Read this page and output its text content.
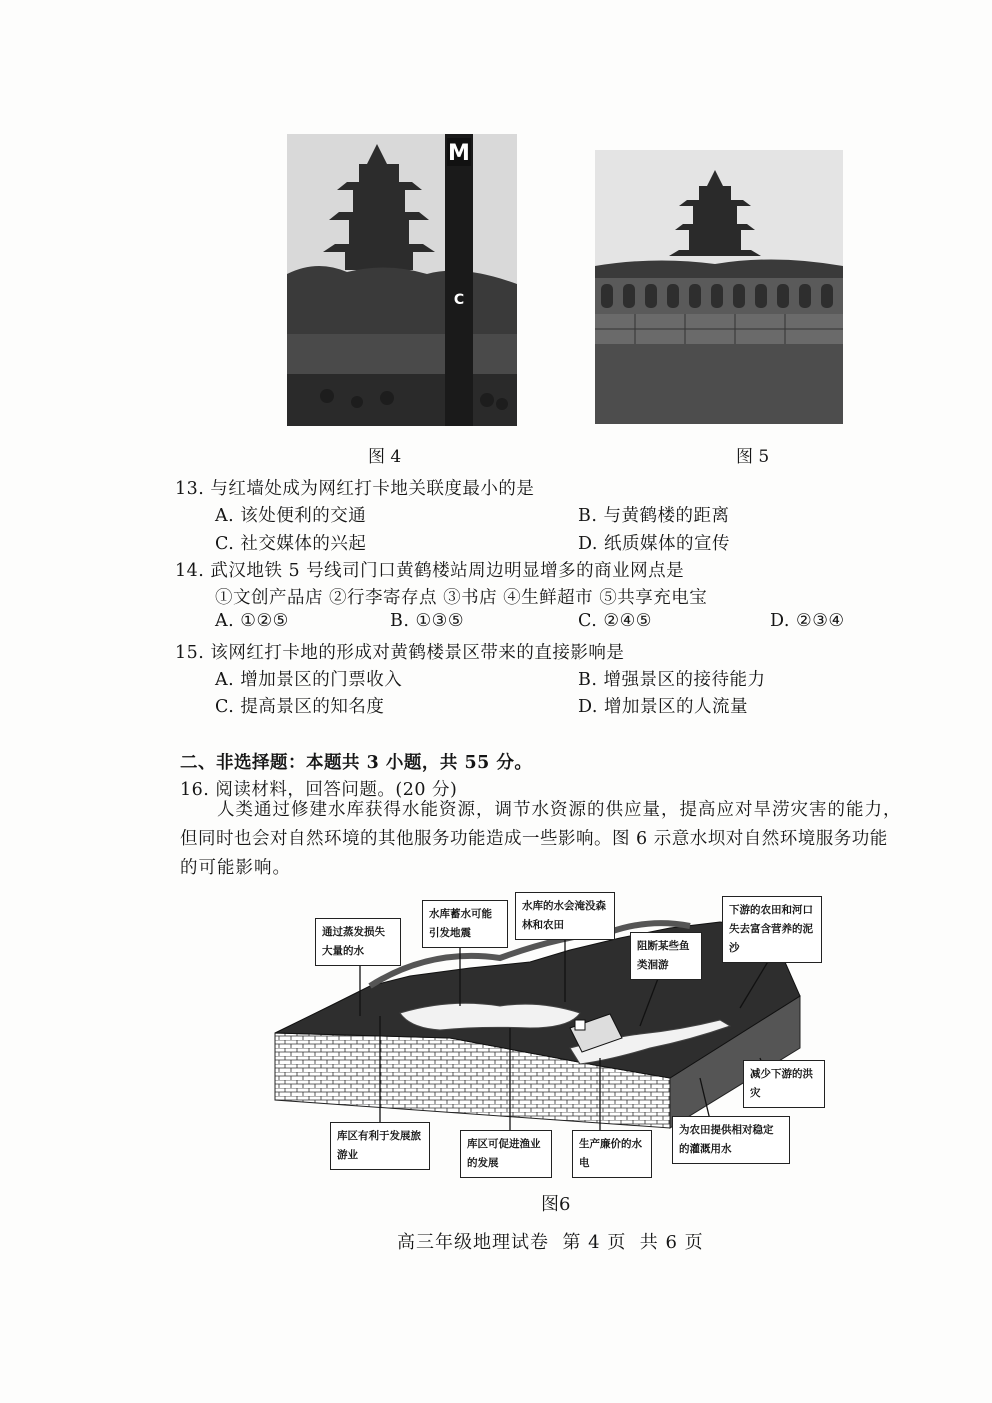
M
C
图 4	图 5
13. 与红墙处成为网红打卡地关联度最小的是
A. 该处便利的交通	B. 与黄鹤楼的距离
C. 社交媒体的兴起	D. 纸质媒体的宣传
14. 武汉地铁 5 号线司门口黄鹤楼站周边明显增多的商业网点是
①文创产品店 ②行李寄存点 ③书店 ④生鲜超市 ⑤共享充电宝
A. ①②⑤	B. ①③⑤	C. ②④⑤	D. ②③④
15. 该网红打卡地的形成对黄鹤楼景区带来的直接影响是
A. 增加景区的门票收入	B. 增强景区的接待能力
C. 提高景区的知名度	D. 增加景区的人流量
二、非选择题：本题共 3 小题，共 55 分。
16. 阅读材料，回答问题。(20 分)
人类通过修建水库获得水能资源，调节水资源的供应量，提高应对旱涝灾害的能力，
但同时也会对自然环境的其他服务功能造成一些影响。图 6 示意水坝对自然环境服务功能
的可能影响。
通过蒸发损失大量的水
水库蓄水可能引发地震
水库的水会淹没森林和农田
阻断某些鱼类洄游
下游的农田和河口失去富含营养的泥沙
减少下游的洪灾
库区有利于发展旅游业
库区可促进渔业的发展
生产廉价的水电
为农田提供相对稳定的灌溉用水
图6
高三年级地理试卷  第 4 页  共 6 页
